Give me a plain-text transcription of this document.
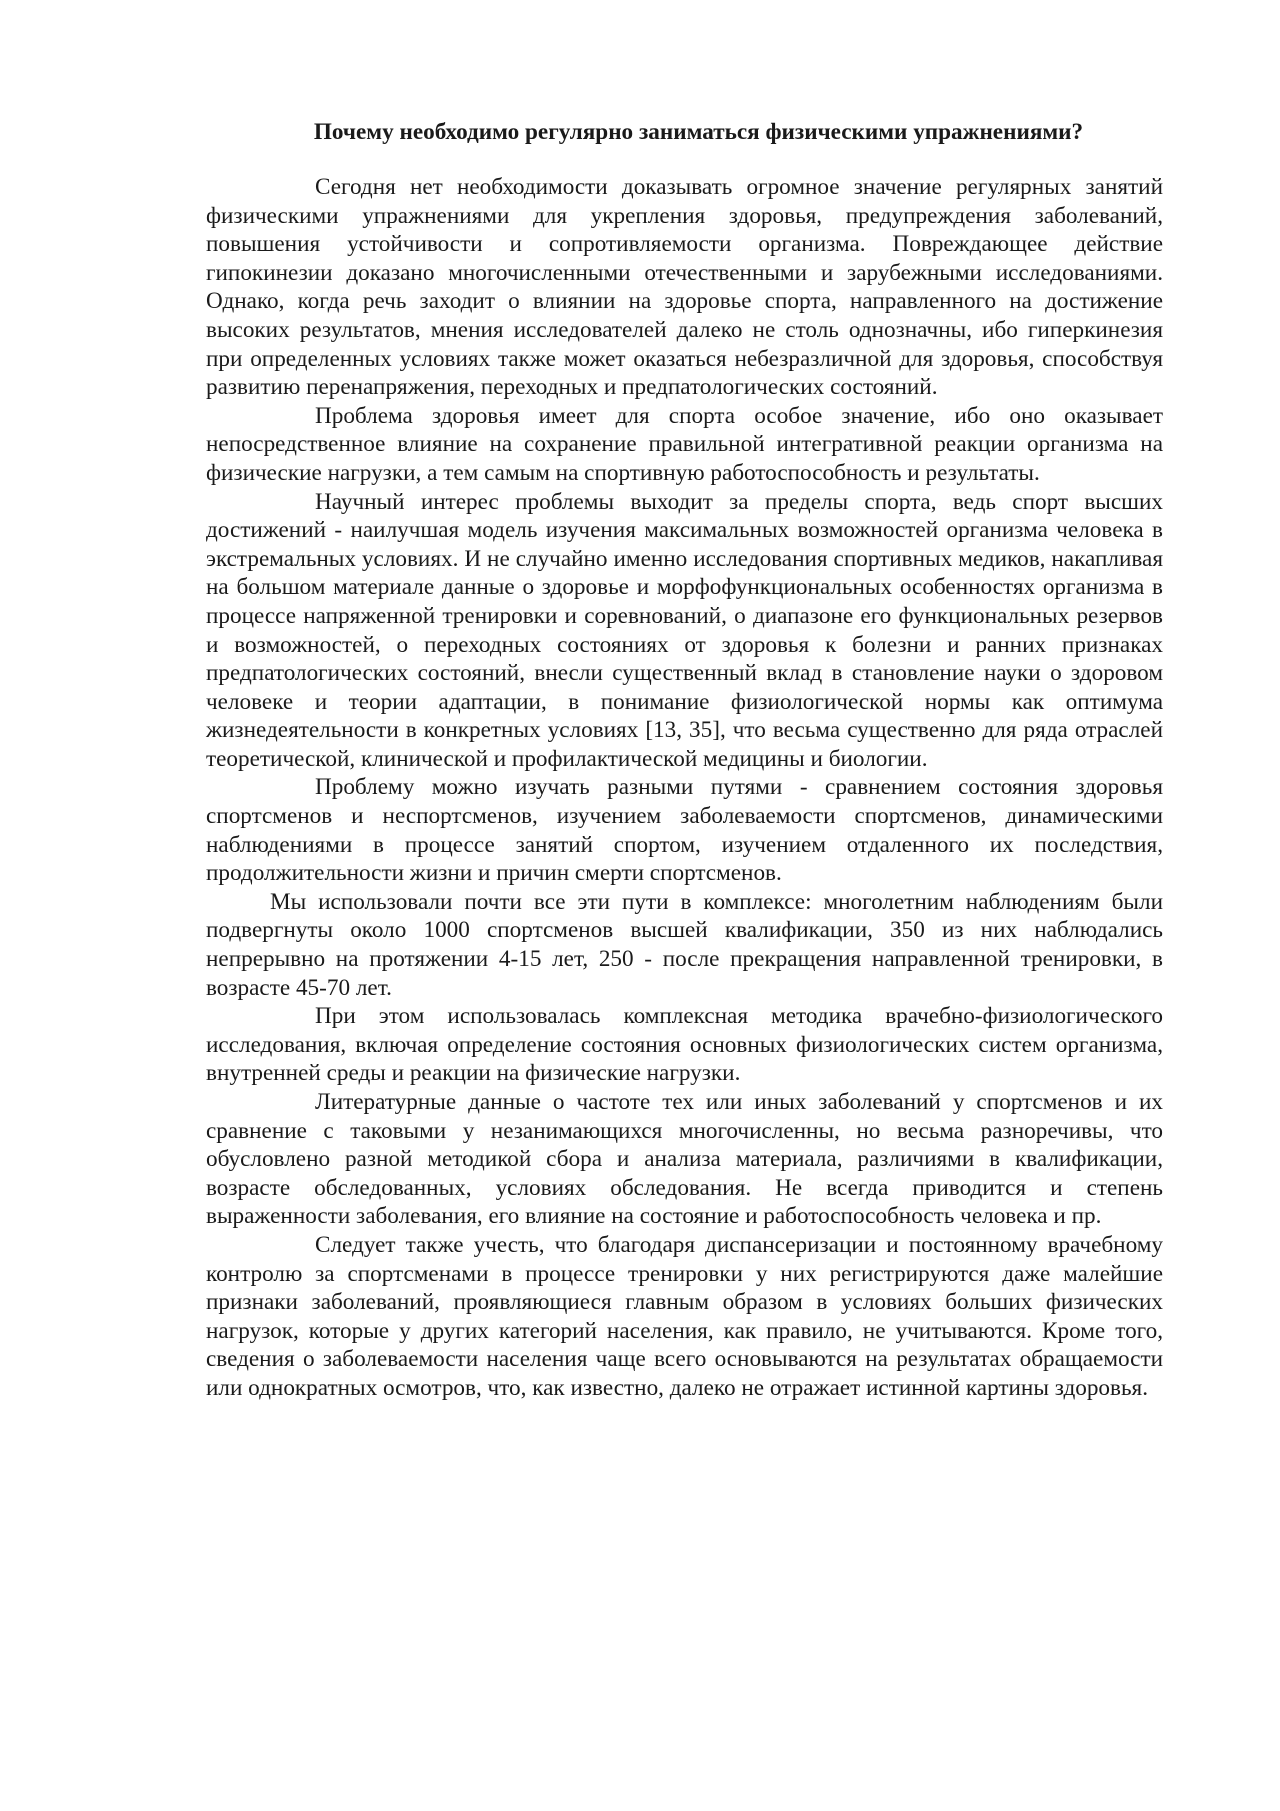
Почему необходимо регулярно заниматься физическими упражнениями?

Сегодня нет необходимости доказывать огромное значение регулярных занятий физическими упражнениями для укрепления здоровья, предупреждения заболеваний, повышения устойчивости и сопротивляемости организма. Повреждающее действие гипокинезии доказано многочисленными отечественными и зарубежными исследованиями. Однако, когда речь заходит о влиянии на здоровье спорта, направленного на достижение высоких результатов, мнения исследователей далеко не столь однозначны, ибо гиперкинезия при определенных условиях также может оказаться небезразличной для здоровья, способствуя развитию перенапряжения, переходных и предпатологических состояний.

Проблема здоровья имеет для спорта особое значение, ибо оно оказывает непосредственное влияние на сохранение правильной интегративной реакции организма на физические нагрузки, а тем самым на спортивную работоспособность и результаты.

Научный интерес проблемы выходит за пределы спорта, ведь спорт высших достижений - наилучшая модель изучения максимальных возможностей организма человека в экстремальных условиях. И не случайно именно исследования спортивных медиков, накапливая на большом материале данные о здоровье и морфофункциональных особенностях организма в процессе напряженной тренировки и соревнований, о диапазоне его функциональных резервов и возможностей, о переходных состояниях от здоровья к болезни и ранних признаках предпатологических состояний, внесли существенный вклад в становление науки о здоровом человеке и теории адаптации, в понимание физиологической нормы как оптимума жизнедеятельности в конкретных условиях [13, 35], что весьма существенно для ряда отраслей теоретической, клинической и профилактической медицины и биологии.

Проблему можно изучать разными путями - сравнением состояния здоровья спортсменов и неспортсменов, изучением заболеваемости спортсменов, динамическими наблюдениями в процессе занятий спортом, изучением отдаленного их последствия, продолжительности жизни и причин смерти спортсменов.

Мы использовали почти все эти пути в комплексе: многолетним наблюдениям были подвергнуты около 1000 спортсменов высшей квалификации, 350 из них наблюдались непрерывно на протяжении 4-15 лет, 250 - после прекращения направленной тренировки, в возрасте 45-70 лет.

При этом использовалась комплексная методика врачебно-физиологического исследования, включая определение состояния основных физиологических систем организма, внутренней среды и реакции на физические нагрузки.

Литературные данные о частоте тех или иных заболеваний у спортсменов и их сравнение с таковыми у незанимающихся многочисленны, но весьма разноречивы, что обусловлено разной методикой сбора и анализа материала, различиями в квалификации, возрасте обследованных, условиях обследования. Не всегда приводится и степень выраженности заболевания, его влияние на состояние и работоспособность человека и пр.

Следует также учесть, что благодаря диспансеризации и постоянному врачебному контролю за спортсменами в процессе тренировки у них регистрируются даже малейшие признаки заболеваний, проявляющиеся главным образом в условиях больших физических нагрузок, которые у других категорий населения, как правило, не учитываются. Кроме того, сведения о заболеваемости населения чаще всего основываются на результатах обращаемости или однократных осмотров, что, как известно, далеко не отражает истинной картины здоровья.
